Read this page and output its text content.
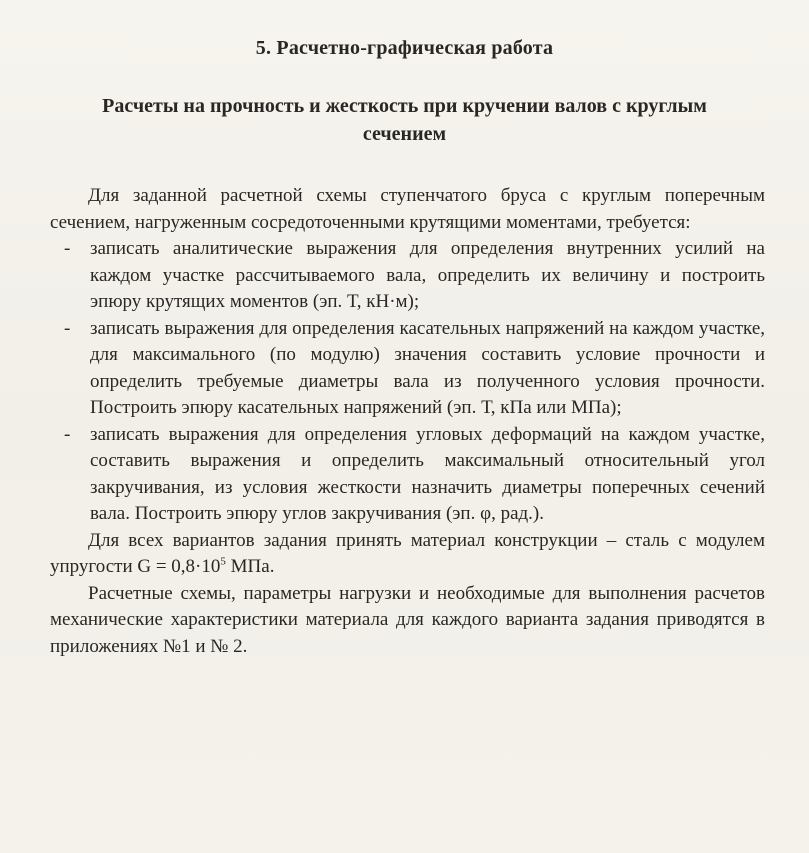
5. Расчетно-графическая работа
Расчеты на прочность и жесткость при кручении валов с круглым сечением

Для заданной расчетной схемы ступенчатого бруса с круглым поперечным сечением, нагруженным сосредоточенными крутящими моментами, требуется:

- записать аналитические выражения для определения внутренних усилий на каждом участке рассчитываемого вала, определить их величину и построить эпюру крутящих моментов (эп. Т, кН·м);
- записать выражения для определения касательных напряжений на каждом участке, для максимального (по модулю) значения составить условие прочности и определить требуемые диаметры вала из полученного условия прочности. Построить эпюру касательных напряжений (эп. Т, кПа или МПа);
- записать выражения для определения угловых деформаций на каждом участке, составить выражения и определить максимальный относительный угол закручивания, из условия жесткости назначить диаметры поперечных сечений вала. Построить эпюру углов закручивания (эп. φ, рад.).

Для всех вариантов задания принять материал конструкции – сталь с модулем упругости $G = 0,8\cdot 10^5$ МПа.

Расчетные схемы, параметры нагрузки и необходимые для выполнения расчетов механические характеристики материала для каждого варианта задания приводятся в приложениях №1 и № 2.
